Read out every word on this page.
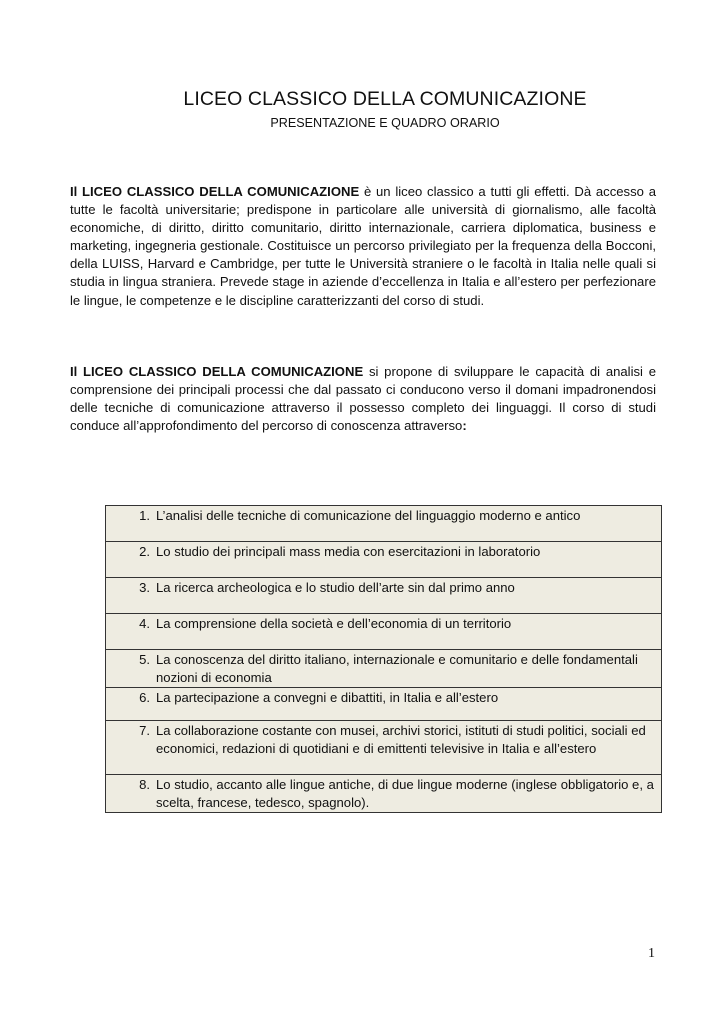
LICEO CLASSICO DELLA COMUNICAZIONE
PRESENTAZIONE E QUADRO ORARIO
Il LICEO CLASSICO DELLA COMUNICAZIONE è un liceo classico a tutti gli effetti. Dà accesso a tutte le facoltà universitarie; predispone in particolare alle università di giornalismo, alle facoltà economiche, di diritto, diritto comunitario, diritto internazionale, carriera diplomatica, business e marketing, ingegneria gestionale. Costituisce un percorso privilegiato per la frequenza della Bocconi, della LUISS, Harvard e Cambridge, per tutte le Università straniere o le facoltà in Italia nelle quali si studia in lingua straniera. Prevede stage in aziende d’eccellenza in Italia e all’estero per perfezionare le lingue, le competenze e le discipline caratterizzanti del corso di studi.
Il LICEO CLASSICO DELLA COMUNICAZIONE si propone di sviluppare le capacità di analisi e comprensione dei principali processi che dal passato ci conducono verso il domani impadronendosi delle tecniche di comunicazione attraverso il possesso completo dei linguaggi. Il corso di studi conduce all’approfondimento del percorso di conoscenza attraverso:
1. L’analisi delle tecniche di comunicazione del linguaggio moderno e antico

2. Lo studio dei principali mass media con esercitazioni in laboratorio

3. La ricerca archeologica e lo studio dell’arte sin dal primo anno

4. La comprensione della società e dell’economia di un territorio

5. La conoscenza del diritto italiano, internazionale e comunitario e delle fondamentali nozioni di economia

6. La partecipazione a convegni e dibattiti, in Italia e all’estero

7. La collaborazione costante con musei, archivi storici, istituti di studi politici, sociali ed economici, redazioni di quotidiani e di emittenti televisive in Italia e all’estero

8. Lo studio, accanto alle lingue antiche, di due lingue moderne (inglese obbligatorio e, a scelta, francese, tedesco, spagnolo).
1
